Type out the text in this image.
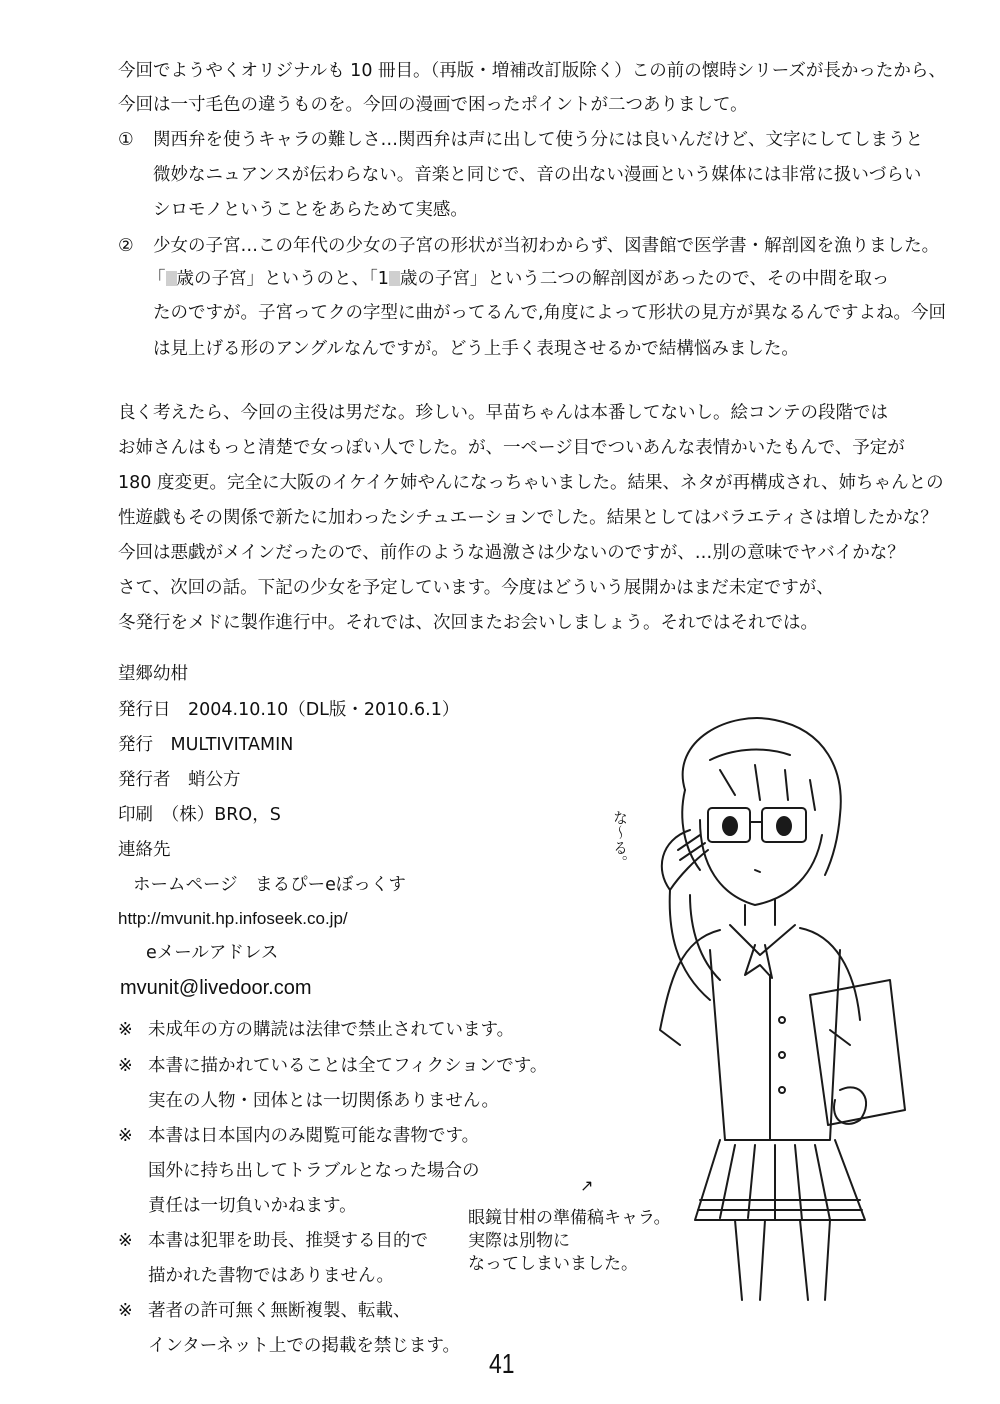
今回でようやくオリジナルも 10 冊目。（再版・増補改訂版除く）この前の懐時シリーズが長かったから、
今回は一寸毛色の違うものを。今回の漫画で困ったポイントが二つありまして。
① 関西弁を使うキャラの難しさ…関西弁は声に出して使う分には良いんだけど、文字にしてしまうと
微妙なニュアンスが伝わらない。音楽と同じで、音の出ない漫画という媒体には非常に扱いづらい
シロモノということをあらためて実感。
② 少女の子宮…この年代の少女の子宮の形状が当初わからず、図書館で医学書・解剖図を漁りました。
「 歳の子宮」というのと、「1 歳の子宮」という二つの解剖図があったので、その中間を取っ
たのですが。子宮ってクの字型に曲がってるんで,角度によって形状の見方が異なるんですよね。今回
は見上げる形のアングルなんですが。どう上手く表現させるかで結構悩みました。
良く考えたら、今回の主役は男だな。珍しい。早苗ちゃんは本番してないし。絵コンテの段階では
お姉さんはもっと清楚で女っぽい人でした。が、一ページ目でついあんな表情かいたもんで、予定が
180 度変更。完全に大阪のイケイケ姉やんになっちゃいました。結果、ネタが再構成され、姉ちゃんとの
性遊戯もその関係で新たに加わったシチュエーションでした。結果としてはバラエティさは増したかな？
今回は悪戯がメインだったので、前作のような過激さは少ないのですが、…別の意味でヤバイかな？
さて、次回の話。下記の少女を予定しています。今度はどういう展開かはまだ未定ですが、
冬発行をメドに製作進行中。それでは、次回またお会いしましょう。それではそれでは。
望郷幼柑
発行日　2004.10.10（DL版・2010.6.1）
発行　MULTIVITAMIN
発行者　蛸公方
印刷　（株）BRO，S
連絡先
ホームページ　まるぴーeぼっくす
http://mvunit.hp.infoseek.co.jp/
eメールアドレス
mvunit@livedoor.com
※ 未成年の方の購読は法律で禁止されています。
※ 本書に描かれていることは全てフィクションです。
実在の人物・団体とは一切関係ありません。
※ 本書は日本国内のみ閲覧可能な書物です。
国外に持ち出してトラブルとなった場合の
責任は一切負いかねます。
※ 本書は犯罪を助長、推奨する目的で
描かれた書物ではありません。
※ 著者の許可無く無断複製、転載、
インターネット上での掲載を禁じます。
な〜る。
↗
眼鏡甘柑の準備稿キャラ。
実際は別物に
なってしまいました。
41
